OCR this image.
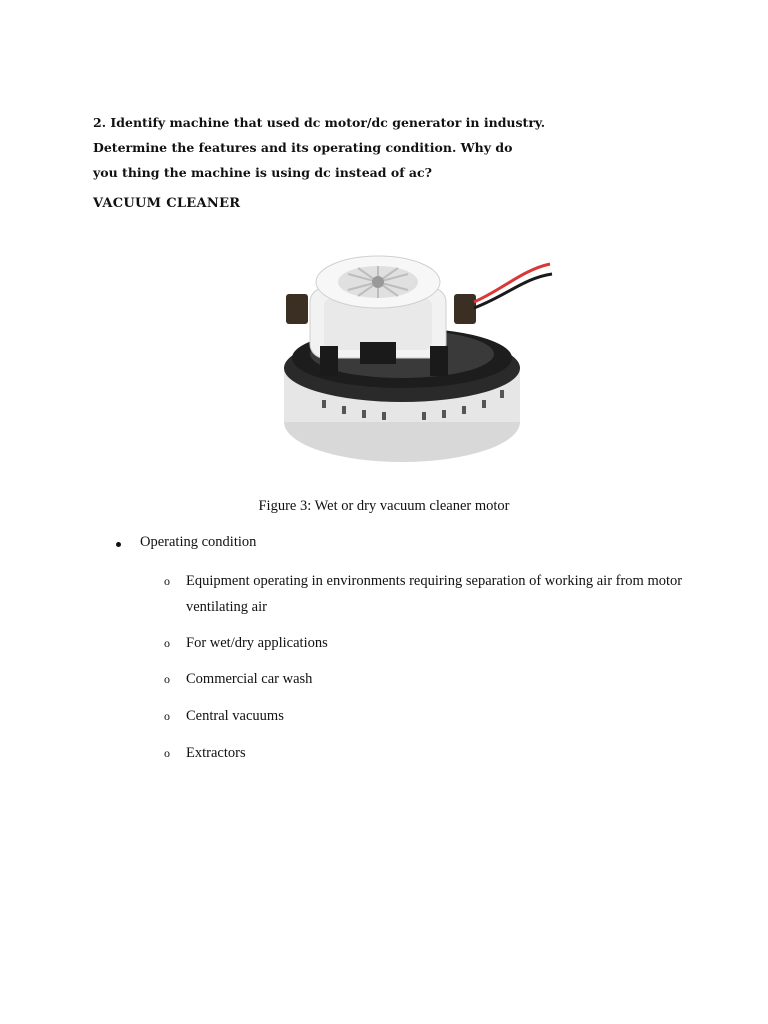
2. Identify machine that used dc motor/dc generator in industry.
Determine the features and its operating condition. Why do
you thing the machine is using dc instead of ac?
VACUUM CLEANER
Figure 3: Wet or dry vacuum cleaner motor
Operating condition
o Equipment operating in environments requiring separation of working air from motor ventilating air
o For wet/dry applications
o Commercial car wash
o Central vacuums
o Extractors
